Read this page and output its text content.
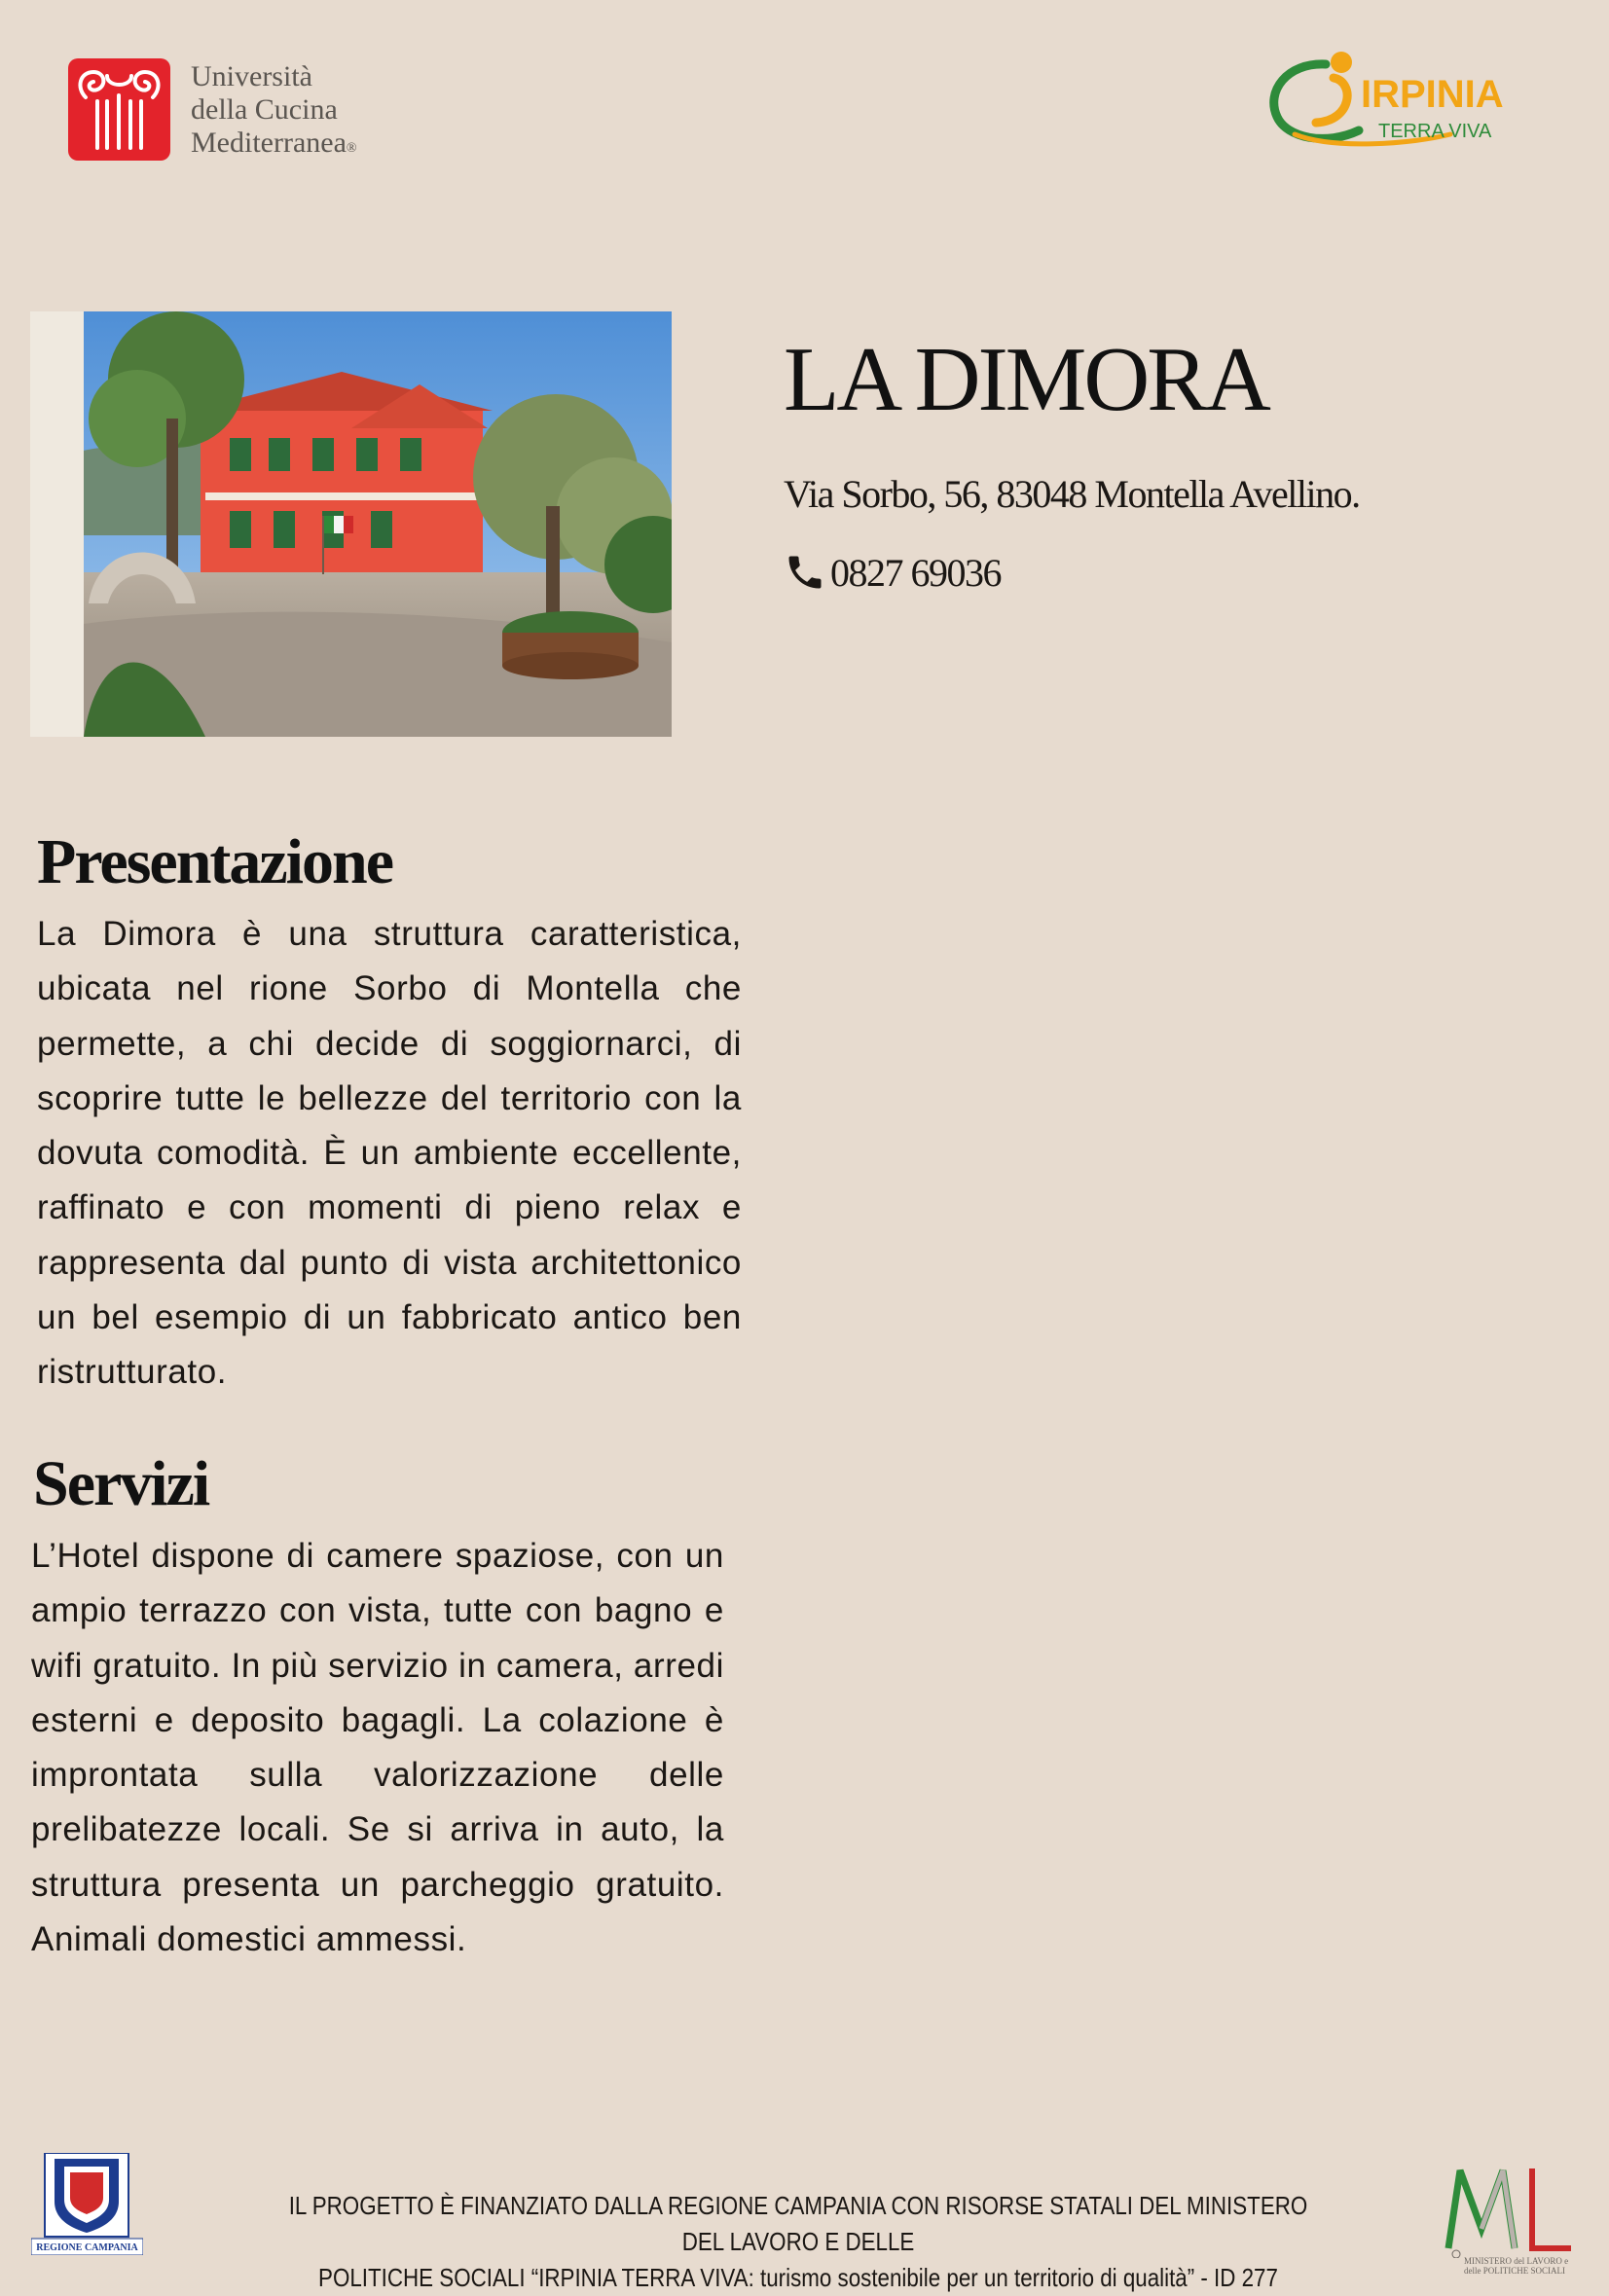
Università
della Cucina
Mediterranea®
IRPINIA
TERRA VIVA
LA DIMORA
Via Sorbo, 56, 83048 Montella Avellino.
0827 69036
Presentazione

La Dimora è una struttura caratteristica, ubicata nel rione Sorbo di Montella che permette, a chi decide di soggiornarci, di scoprire tutte le bellezze del territorio con la dovuta comodità. È un ambiente eccellente, raffinato e con momenti di pieno relax e rappresenta dal punto di vista architettonico un bel esempio di un fabbricato antico ben ristrutturato.

Servizi

L’Hotel dispone di camere spaziose, con un ampio terrazzo con vista, tutte con bagno e wifi gratuito. In più servizio in camera, arredi esterni e deposito bagagli. La colazione è improntata sulla valorizzazione delle prelibatezze locali. Se si arriva in auto, la struttura presenta un parcheggio gratuito. Animali domestici ammessi.

REGIONE CAMPANIA
IL PROGETTO È FINANZIATO DALLA REGIONE CAMPANIA CON RISORSE STATALI DEL MINISTERO DEL LAVORO E DELLE
POLITICHE SOCIALI “IRPINIA TERRA VIVA: turismo sostenibile per un territorio di qualità” - ID 277
MINISTERO del LAVORO e delle POLITICHE SOCIALI
